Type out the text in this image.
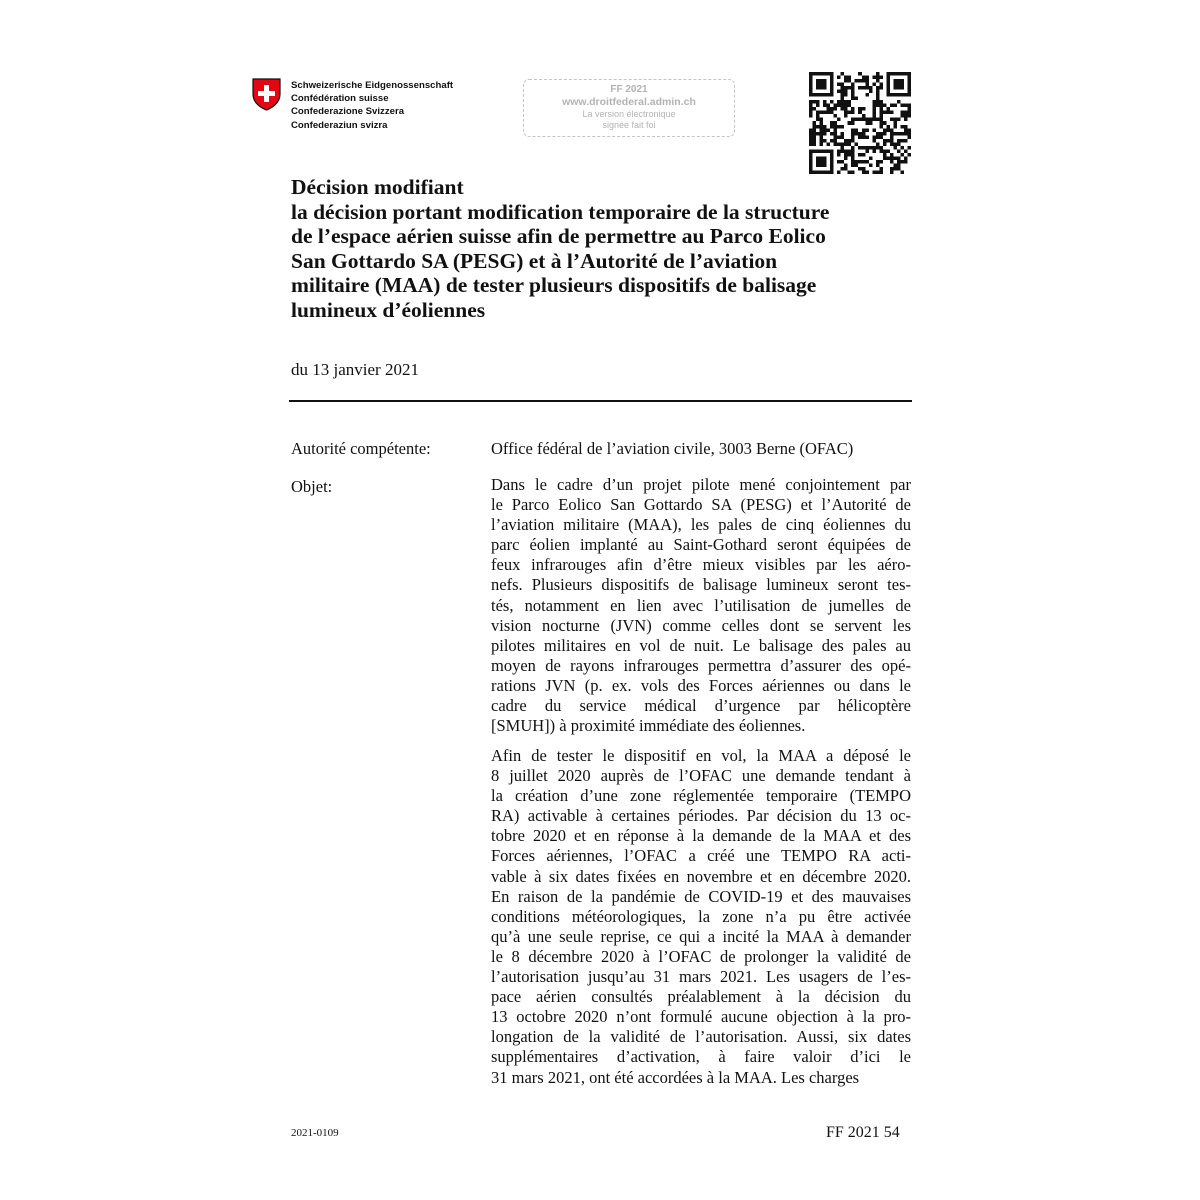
Schweizerische Eidgenossenschaft
Confédération suisse
Confederazione Svizzera
Confederaziun svizra
FF 2021
www.droitfederal.admin.ch
La version électronique
signée fait foi
Décision modifiant
la décision portant modification temporaire de la structure
de l’espace aérien suisse afin de permettre au Parco Eolico
San Gottardo SA (PESG) et à l’Autorité de l’aviation
militaire (MAA) de tester plusieurs dispositifs de balisage
lumineux d’éoliennes
du 13 janvier 2021
Autorité compétente:	Office fédéral de l’aviation civile, 3003 Berne (OFAC)
Objet:	Dans le cadre d’un projet pilote mené conjointement par
le Parco Eolico San Gottardo SA (PESG) et l’Autorité de
l’aviation militaire (MAA), les pales de cinq éoliennes du
parc éolien implanté au Saint-Gothard seront équipées de
feux infrarouges afin d’être mieux visibles par les aéro-
nefs. Plusieurs dispositifs de balisage lumineux seront tes-
tés, notamment en lien avec l’utilisation de jumelles de
vision nocturne (JVN) comme celles dont se servent les
pilotes militaires en vol de nuit. Le balisage des pales au
moyen de rayons infrarouges permettra d’assurer des opé-
rations JVN (p. ex. vols des Forces aériennes ou dans le
cadre du service médical d’urgence par hélicoptère
[SMUH]) à proximité immédiate des éoliennes.
Afin de tester le dispositif en vol, la MAA a déposé le
8 juillet 2020 auprès de l’OFAC une demande tendant à
la création d’une zone réglementée temporaire (TEMPO
RA) activable à certaines périodes. Par décision du 13 oc-
tobre 2020 et en réponse à la demande de la MAA et des
Forces aériennes, l’OFAC a créé une TEMPO RA acti-
vable à six dates fixées en novembre et en décembre 2020.
En raison de la pandémie de COVID-19 et des mauvaises
conditions météorologiques, la zone n’a pu être activée
qu’à une seule reprise, ce qui a incité la MAA à demander
le 8 décembre 2020 à l’OFAC de prolonger la validité de
l’autorisation jusqu’au 31 mars 2021. Les usagers de l’es-
pace aérien consultés préalablement à la décision du
13 octobre 2020 n’ont formulé aucune objection à la pro-
longation de la validité de l’autorisation. Aussi, six dates
supplémentaires d’activation, à faire valoir d’ici le
31 mars 2021, ont été accordées à la MAA. Les charges
2021-0109	FF 2021 54
